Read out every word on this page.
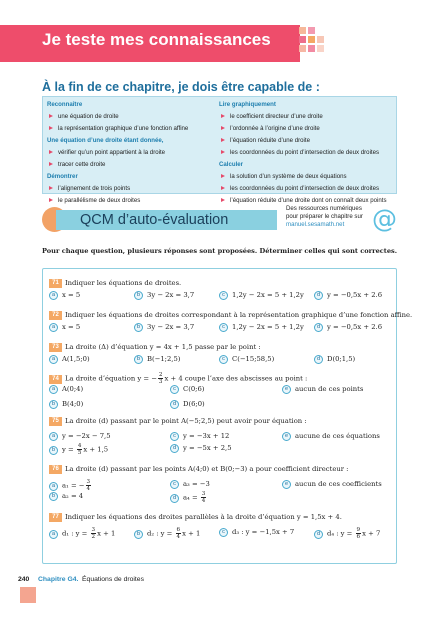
Je teste mes connaissances
À la fin de ce chapitre, je dois être capable de :
Reconnaître
une équation de droite
la représentation graphique d’une fonction affine
Une équation d’une droite étant donnée,
vérifier qu’un point appartient à la droite
tracer cette droite
Démontrer
l’alignement de trois points
le parallélisme de deux droites
Lire graphiquement
le coefficient directeur d’une droite
l’ordonnée à l’origine d’une droite
l’équation réduite d’une droite
les coordonnées du point d’intersection de deux droites
Calculer
la solution d’un système de deux équations
les coordonnées du point d’intersection de deux droites
l’équation réduite d’une droite dont on connaît deux points
QCM d’auto-évaluation
Des ressources numériques
pour préparer le chapitre sur
manuel.sesamath.net	@
Pour chaque question, plusieurs réponses sont proposées. Déterminer celles qui sont correctes.
71 Indiquer les équations de droites.
a x = 5	b 3y − 2x = 3,7	c 1,2y − 2x = 5 + 1,2y	d y = −0,5x + 2.6
72 Indiquer les équations de droites correspondant à la représentation graphique d’une fonction affine.
a x = 5	b 3y − 2x = 3,7	c 1,2y − 2x = 5 + 1,2y	d y = −0,5x + 2.6
73 La droite (Δ) d’équation y = 4x + 1,5 passe par le point :
a A(1,5;0)	b B(−1;2,5)	c C(−15;58,5)	d D(0;1,5)
74 La droite d’équation y = − $\frac{2}{3}$ x + 4 coupe l’axe des abscisses au point :
a A(0;4)	c C(0;6)	e aucun de ces points
b B(4;0)	d D(6;0)
75 La droite (d) passant par le point A(−5;2,5) peut avoir pour équation :
a y = −2x − 7,5	c y = −3x + 12	e aucune de ces équations
b $y = \frac{4}{5}$ x + 1,5	d y = −5x + 2,5
76 La droite (d) passant par les points A(4;0) et B(0;−3) a pour coefficient directeur :
a a₁ = − $\frac{3}{4}$	c a₃ = −3	e aucun de ces coefficients
b a₂ = 4	d $a_4 = \frac{3}{4}$
77 Indiquer les équations des droites parallèles à la droite d’équation y = 1,5x + 4.
a d₁ : $y = \frac{3}{2}$ x + 1	b d₂ : $y = \frac{6}{4}$ x + 1	c d₃ : y = −1,5x + 7	d d₄ : $y = \frac{9}{6}$ x + 7
240 Chapitre G4. Équations de droites
